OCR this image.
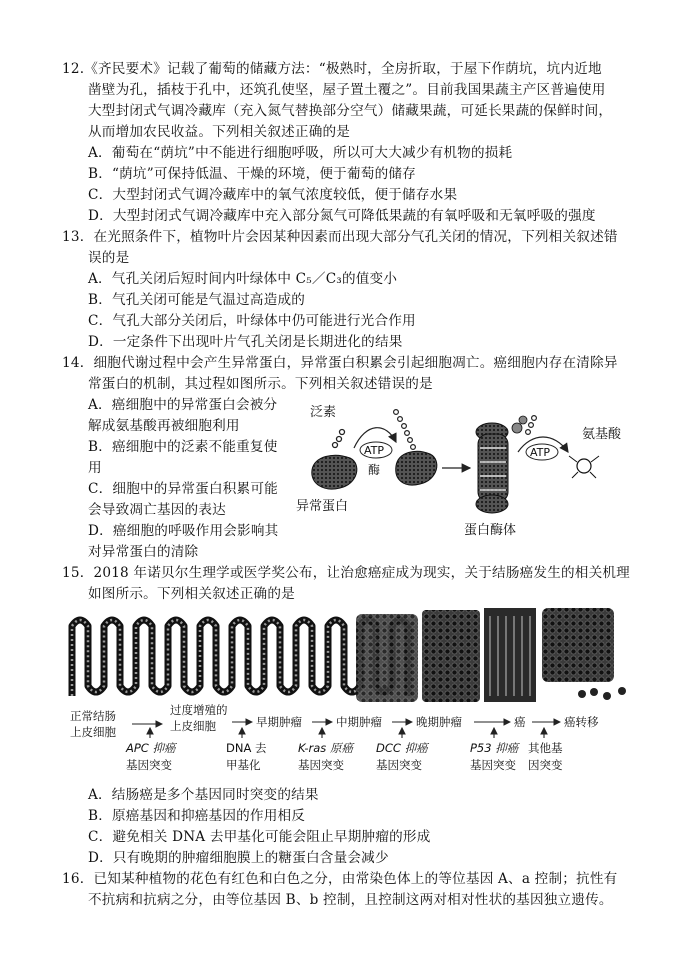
12.《齐民要术》记载了葡萄的储藏方法：“极熟时，全房折取，于屋下作荫坑，坑内近地
凿壁为孔，插枝于孔中，还筑孔使坚，屋子置土覆之”。目前我国果蔬主产区普遍使用
大型封闭式气调冷藏库（充入氮气替换部分空气）储藏果蔬，可延长果蔬的保鲜时间，
从而增加农民收益。下列相关叙述正确的是
A．葡萄在“荫坑”中不能进行细胞呼吸，所以可大大减少有机物的损耗
B．“荫坑”可保持低温、干燥的环境，便于葡萄的储存
C．大型封闭式气调冷藏库中的氧气浓度较低，便于储存水果
D．大型封闭式气调冷藏库中充入部分氮气可降低果蔬的有氧呼吸和无氧呼吸的强度
13．在光照条件下，植物叶片会因某种因素而出现大部分气孔关闭的情况，下列相关叙述错
误的是
A．气孔关闭后短时间内叶绿体中 C₅／C₃的值变小
B．气孔关闭可能是气温过高造成的
C．气孔大部分关闭后，叶绿体中仍可能进行光合作用
D．一定条件下出现叶片气孔关闭是长期进化的结果
14．细胞代谢过程中会产生异常蛋白，异常蛋白积累会引起细胞凋亡。癌细胞内存在清除异
常蛋白的机制，其过程如图所示。下列相关叙述错误的是
A．癌细胞中的异常蛋白会被分
解成氨基酸再被细胞利用
B．癌细胞中的泛素不能重复使
用
C．细胞中的异常蛋白积累可能
会导致凋亡基因的表达
D．癌细胞的呼吸作用会影响其
对异常蛋白的清除
泛素
异常蛋白
ATP
酶
蛋白酶体
ATP
氨基酸
15．2018 年诺贝尔生理学或医学奖公布，让治愈癌症成为现实，关于结肠癌发生的相关机理
如图所示。下列相关叙述正确的是
正常结肠
上皮细胞
过度增殖的
上皮细胞	早期肿瘤	中期肿瘤	晚期肿瘤	癌	癌转移
APC 抑癌
基因突变
DNA 去
甲基化
K-ras 原癌
基因突变
DCC 抑癌
基因突变
P53 抑癌
基因突变
其他基
因突变
A．结肠癌是多个基因同时突变的结果
B．原癌基因和抑癌基因的作用相反
C．避免相关 DNA 去甲基化可能会阻止早期肿瘤的形成
D．只有晚期的肿瘤细胞膜上的糖蛋白含量会减少
16．已知某种植物的花色有红色和白色之分，由常染色体上的等位基因 A、a 控制；抗性有
不抗病和抗病之分，由等位基因 B、b 控制，且控制这两对相对性状的基因独立遗传。
